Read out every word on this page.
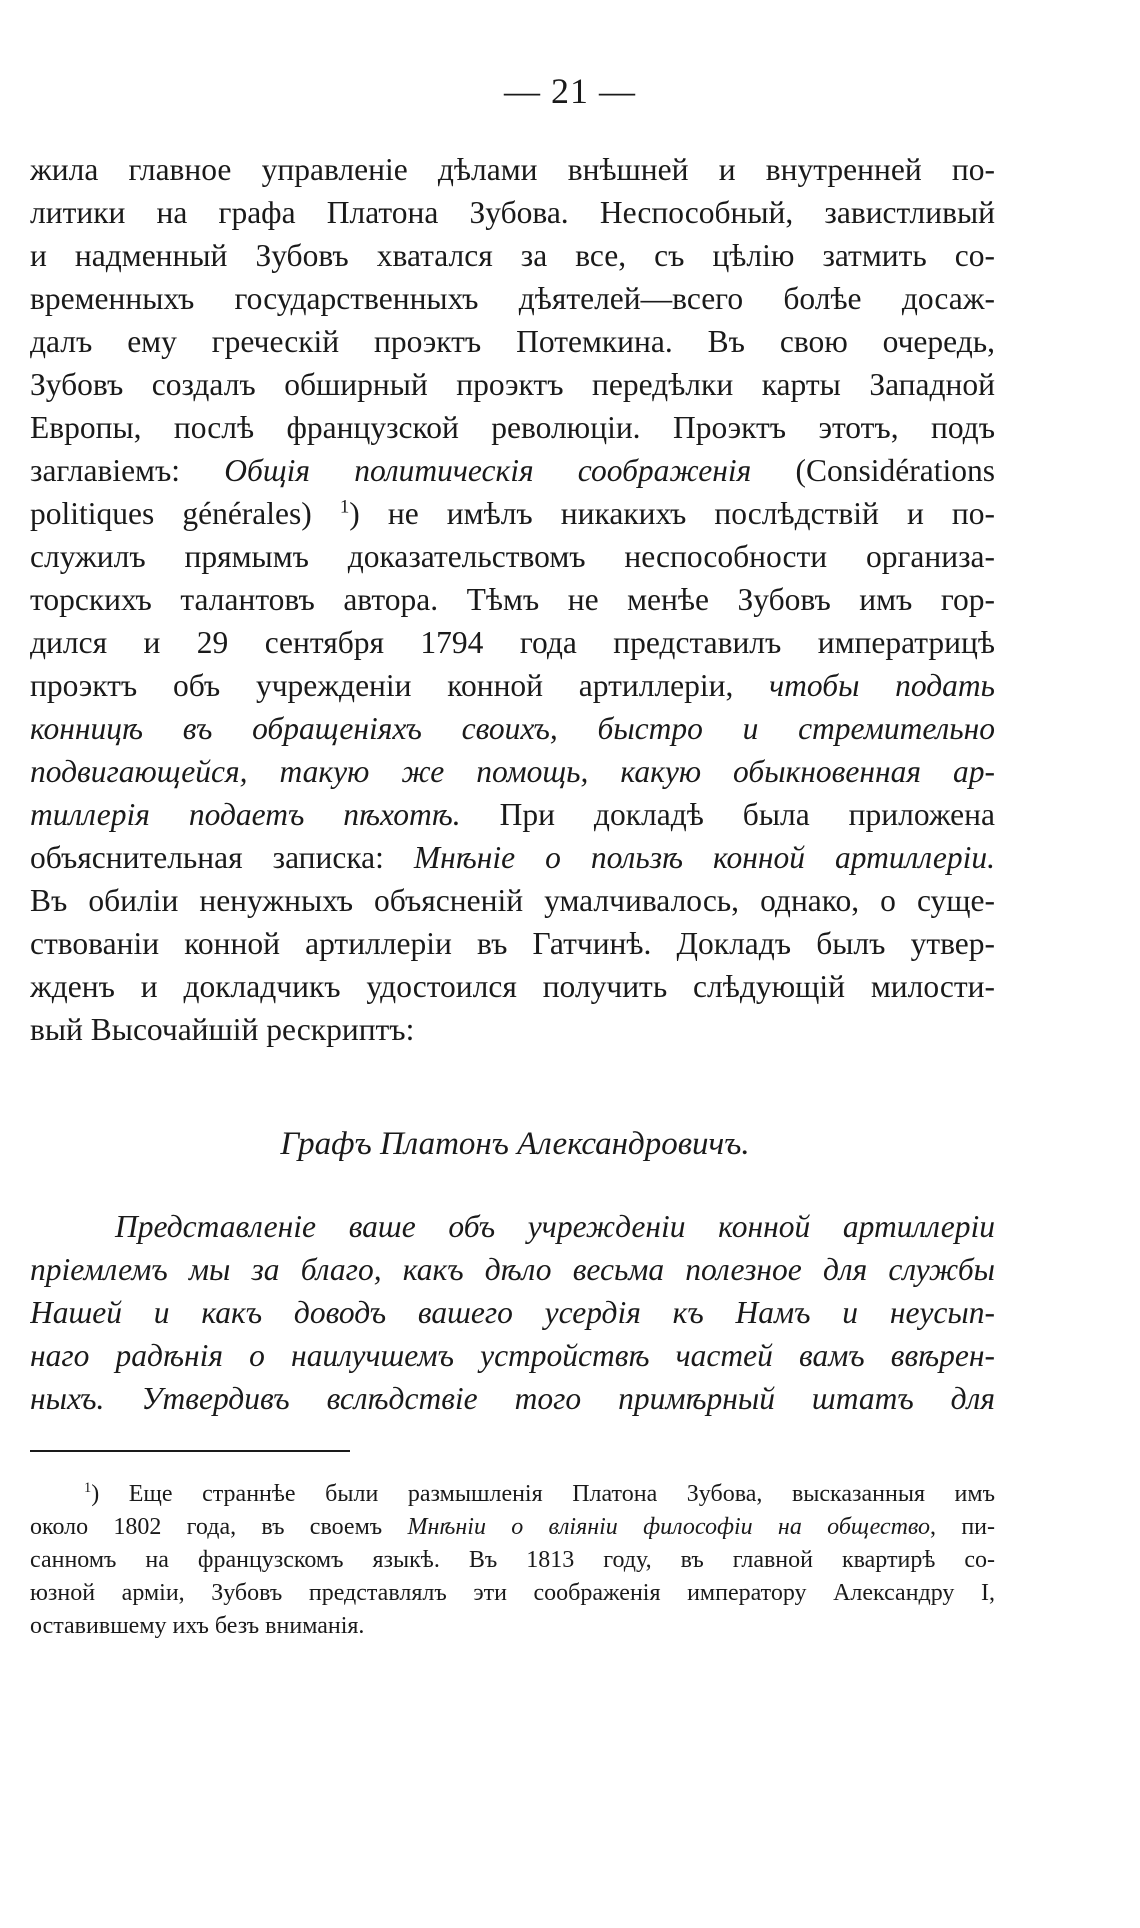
— 21 —
жила главное управленіе дѣлами внѣшней и внутренней по-
литики на графа Платона Зубова. Неспособный, завистливый
и надменный Зубовъ хватался за все, съ цѣлію затмить со-
временныхъ государственныхъ дѣятелей—всего болѣе досаж-
далъ ему греческій проэктъ Потемкина. Въ свою очередь,
Зубовъ создалъ обширный проэктъ передѣлки карты Западной
Европы, послѣ французской революціи. Проэктъ этотъ, подъ
заглавіемъ: Общія политическія соображенія (Considérations
politiques générales) $^1$) не имѣлъ никакихъ послѣдствій и по-
служилъ прямымъ доказательствомъ неспособности организа-
торскихъ талантовъ автора. Тѣмъ не менѣе Зубовъ имъ гор-
дился и 29 сентября 1794 года представилъ императрицѣ
проэктъ объ учрежденіи конной артиллеріи, чтобы подать
конницѣ въ обращеніяхъ своихъ, быстро и стремительно
подвигающейся, такую же помощь, какую обыкновенная ар-
тиллерія подаетъ пѣхотѣ. При докладѣ была приложена
объяснительная записка: Мнѣніе о пользѣ конной артиллеріи.
Въ обиліи ненужныхъ объясненій умалчивалось, однако, о суще-
ствованіи конной артиллеріи въ Гатчинѣ. Докладъ былъ утвер-
жденъ и докладчикъ удостоился получить слѣдующій милости-
вый Высочайшій рескриптъ:
Графъ Платонъ Александровичъ.
Представленіе ваше объ учрежденіи конной артиллеріи
пріемлемъ мы за благо, какъ дѣло весьма полезное для службы
Нашей и какъ доводъ вашего усердія къ Намъ и неусып-
наго радѣнія о наилучшемъ устройствѣ частей вамъ ввѣрен-
ныхъ. Утвердивъ вслѣдствіе того примѣрный штатъ для
$^1$) Еще страннѣе были размышленія Платона Зубова, высказанныя имъ
около 1802 года, въ своемъ Мнѣніи о вліяніи философіи на общество, пи-
санномъ на французскомъ языкѣ. Въ 1813 году, въ главной квартирѣ со-
юзной арміи, Зубовъ представлялъ эти соображенія императору Александру I,
оставившему ихъ безъ вниманія.
